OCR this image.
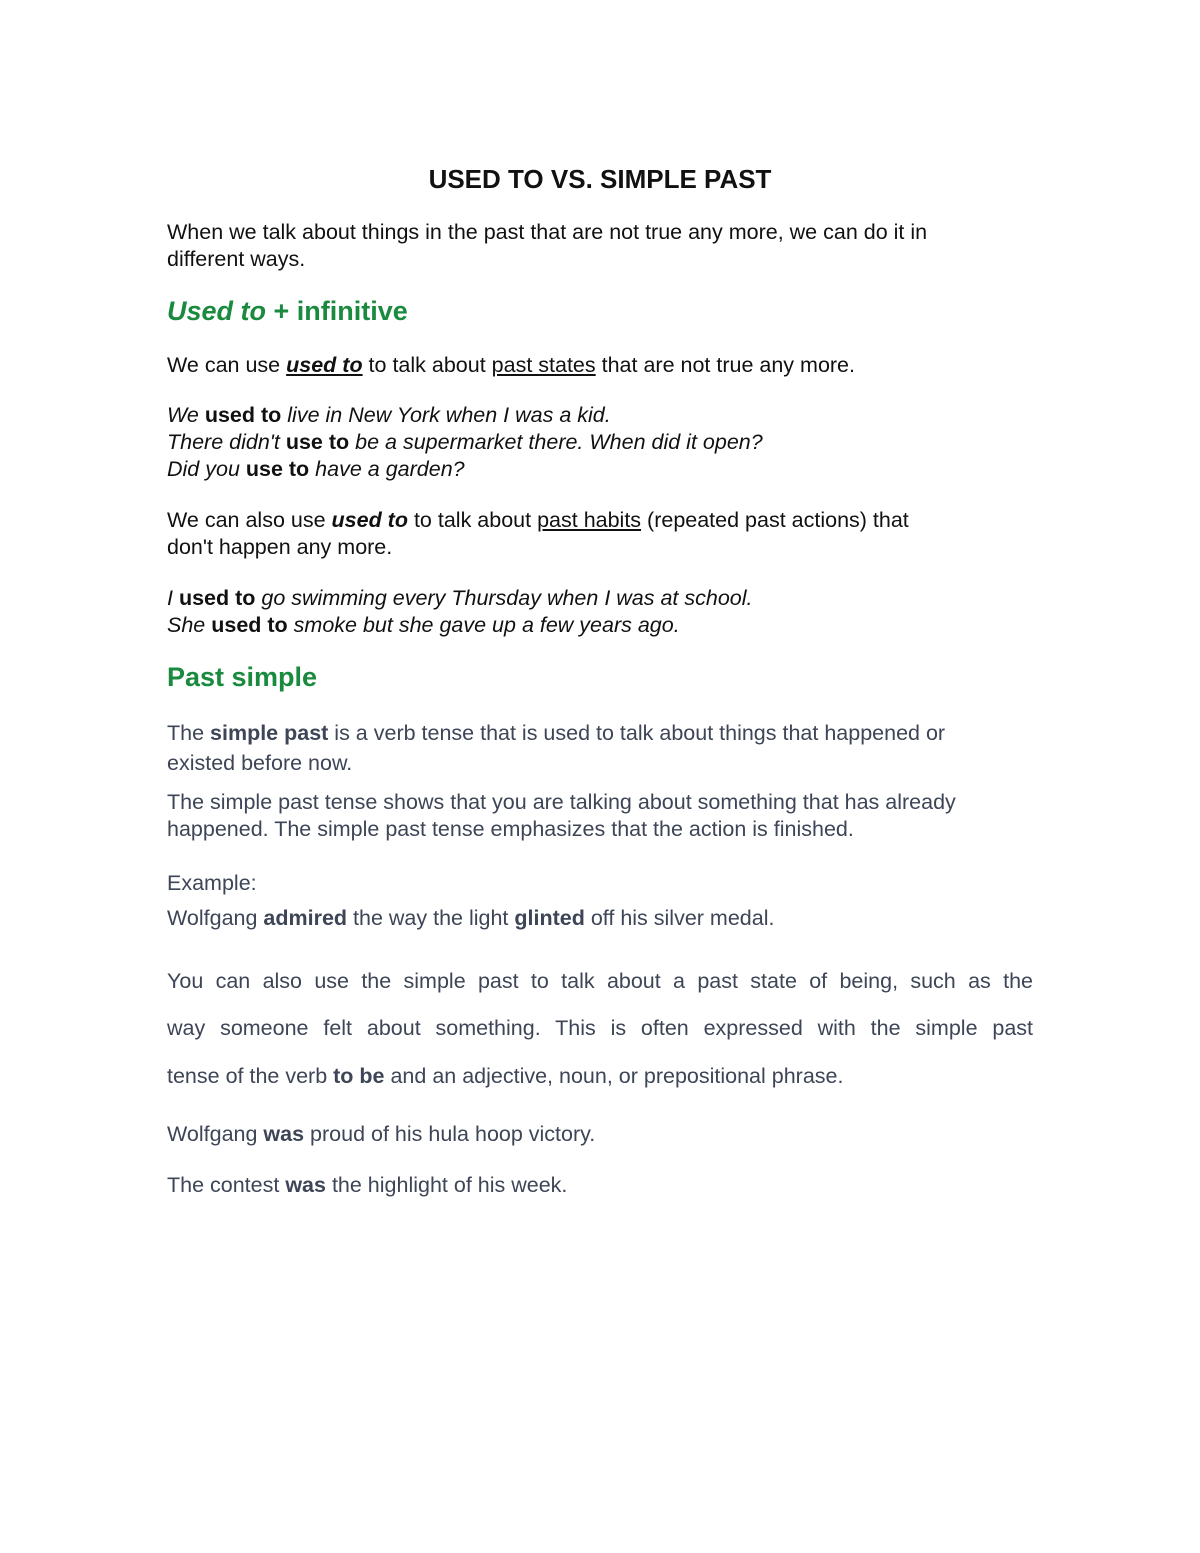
USED TO VS. SIMPLE PAST

When we talk about things in the past that are not true any more, we can do it in

different ways.

Used to + infinitive

We can use used to to talk about past states that are not true any more.

We used to live in New York when I was a kid.

There didn't use to be a supermarket there. When did it open?

Did you use to have a garden?

We can also use used to to talk about past habits (repeated past actions) that

don't happen any more.

I used to go swimming every Thursday when I was at school.

She used to smoke but she gave up a few years ago.

Past simple

The simple past is a verb tense that is used to talk about things that happened or

existed before now.

The simple past tense shows that you are talking about something that has already

happened. The simple past tense emphasizes that the action is finished.

Example:

Wolfgang admired the way the light glinted off his silver medal.

You can also use the simple past to talk about a past state of being, such as the

way someone felt about something. This is often expressed with the simple past

tense of the verb to be and an adjective, noun, or prepositional phrase.

Wolfgang was proud of his hula hoop victory.

The contest was the highlight of his week.
